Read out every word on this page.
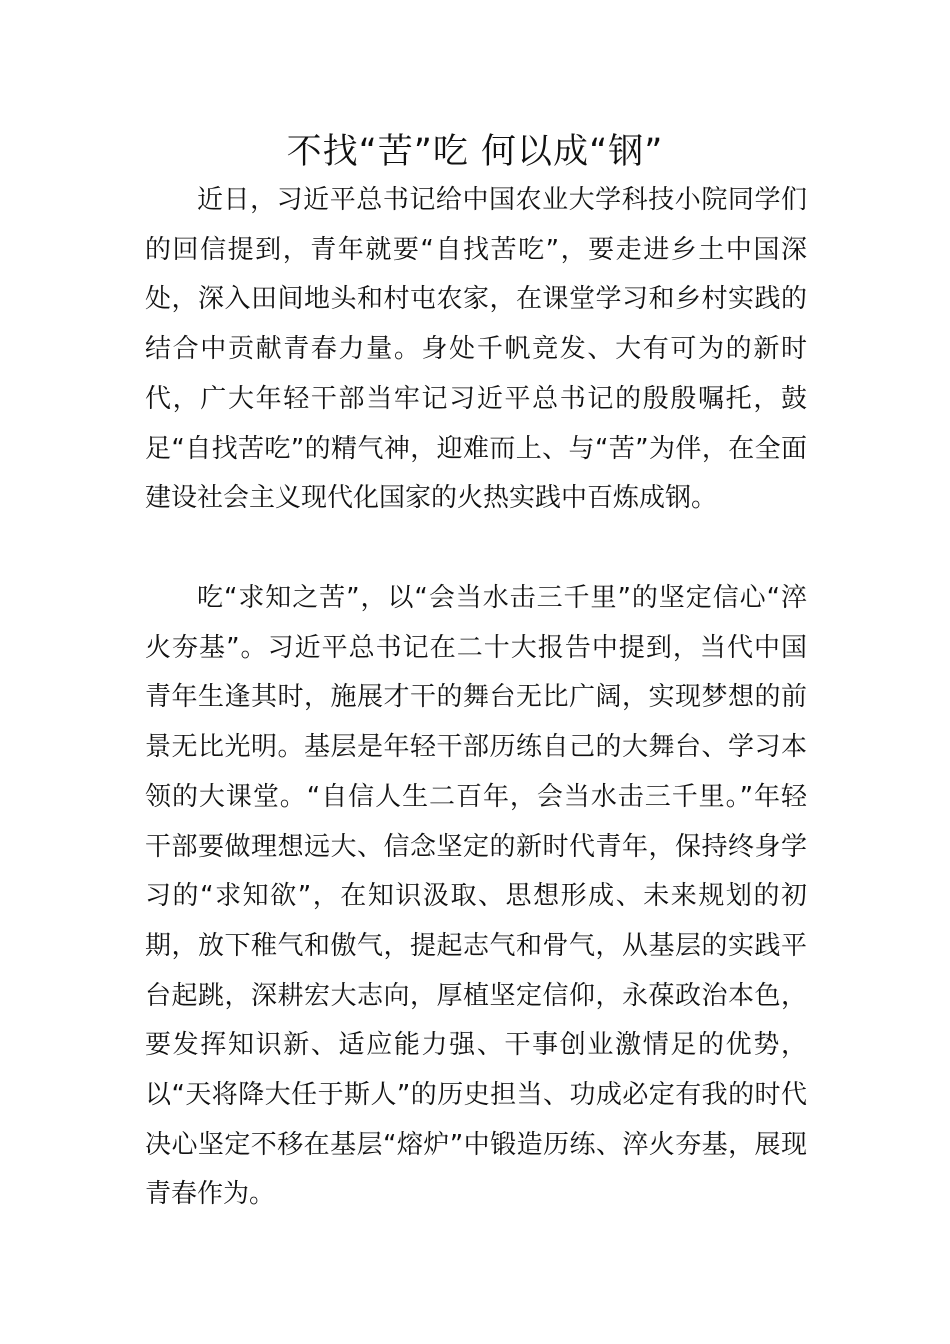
不找“苦”吃 何以成“钢”

近日，习近平总书记给中国农业大学科技小院同学们的回信提到，青年就要“自找苦吃”，要走进乡土中国深处，深入田间地头和村屯农家，在课堂学习和乡村实践的结合中贡献青春力量。身处千帆竞发、大有可为的新时代，广大年轻干部当牢记习近平总书记的殷殷嘱托，鼓足“自找苦吃”的精气神，迎难而上、与“苦”为伴，在全面建设社会主义现代化国家的火热实践中百炼成钢。

吃“求知之苦”，以“会当水击三千里”的坚定信心“淬火夯基”。习近平总书记在二十大报告中提到，当代中国青年生逢其时，施展才干的舞台无比广阔，实现梦想的前景无比光明。基层是年轻干部历练自己的大舞台、学习本领的大课堂。“自信人生二百年，会当水击三千里。”年轻干部要做理想远大、信念坚定的新时代青年，保持终身学习的“求知欲”，在知识汲取、思想形成、未来规划的初期，放下稚气和傲气，提起志气和骨气，从基层的实践平台起跳，深耕宏大志向，厚植坚定信仰，永葆政治本色，要发挥知识新、适应能力强、干事创业激情足的优势，以“天将降大任于斯人”的历史担当、功成必定有我的时代决心坚定不移在基层“熔炉”中锻造历练、淬火夯基，展现青春作为。
